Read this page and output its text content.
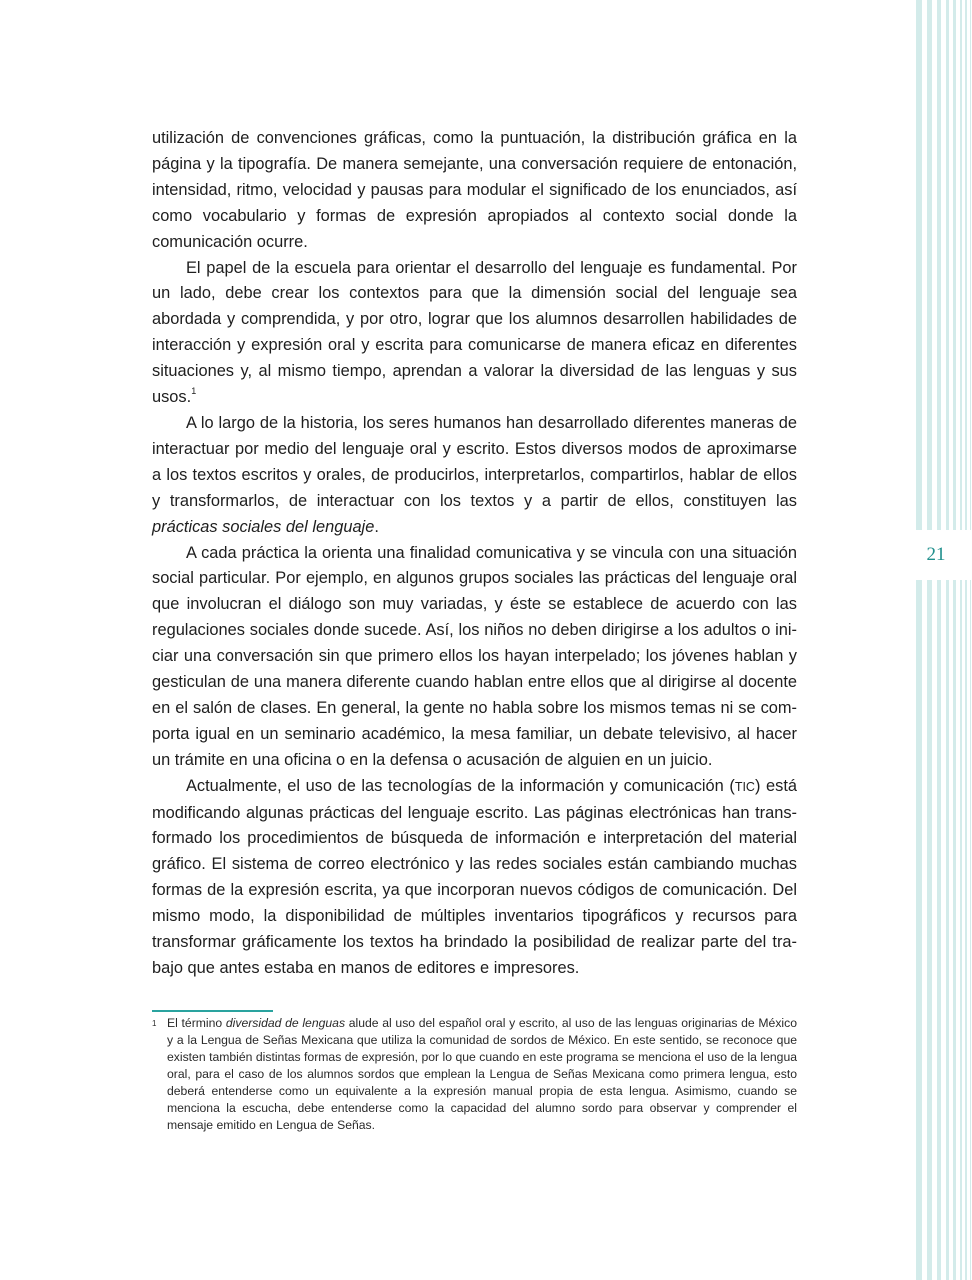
21

utilización de convenciones gráficas, como la puntuación, la distribución gráfica en la página y la tipografía. De manera semejante, una conversación requiere de entonación, intensidad, ritmo, velocidad y pausas para modular el significado de los enunciados, así como vocabulario y formas de expresión apropiados al contexto social donde la comunicación ocurre.

El papel de la escuela para orientar el desarrollo del lenguaje es fundamental. Por un lado, debe crear los contextos para que la dimensión social del lenguaje sea abordada y comprendida, y por otro, lograr que los alumnos desarrollen habilidades de interacción y expresión oral y escrita para comunicarse de manera eficaz en diferentes situaciones y, al mismo tiempo, aprendan a valorar la diversidad de las lenguas y sus usos.$^1$

A lo largo de la historia, los seres humanos han desarrollado diferentes maneras de interactuar por medio del lenguaje oral y escrito. Estos diversos modos de aproximarse a los textos escritos y orales, de producirlos, interpretarlos, compartirlos, hablar de ellos y transformarlos, de interactuar con los textos y a partir de ellos, constituyen las prácticas sociales del lenguaje.

A cada práctica la orienta una finalidad comunicativa y se vincula con una situación social particular. Por ejemplo, en algunos grupos sociales las prácticas del lenguaje oral que involucran el diálogo son muy variadas, y éste se establece de acuerdo con las regulaciones sociales donde sucede. Así, los niños no deben dirigirse a los adultos o iniciar una conversación sin que primero ellos los hayan interpelado; los jóvenes hablan y gesticulan de una manera diferente cuando hablan entre ellos que al dirigirse al docente en el salón de clases. En general, la gente no habla sobre los mismos temas ni se comporta igual en un seminario académico, la mesa familiar, un debate televisivo, al hacer un trámite en una oficina o en la defensa o acusación de alguien en un juicio.

Actualmente, el uso de las tecnologías de la información y comunicación (TIC) está modificando algunas prácticas del lenguaje escrito. Las páginas electrónicas han transformado los procedimientos de búsqueda de información e interpretación del material gráfico. El sistema de correo electrónico y las redes sociales están cambiando muchas formas de la expresión escrita, ya que incorporan nuevos códigos de comunicación. Del mismo modo, la disponibilidad de múltiples inventarios tipográficos y recursos para transformar gráficamente los textos ha brindado la posibilidad de realizar parte del trabajo que antes estaba en manos de editores e impresores.

1 El término diversidad de lenguas alude al uso del español oral y escrito, al uso de las lenguas originarias de México y a la Lengua de Señas Mexicana que utiliza la comunidad de sordos de México. En este sentido, se reconoce que existen también distintas formas de expresión, por lo que cuando en este programa se menciona el uso de la lengua oral, para el caso de los alumnos sordos que emplean la Lengua de Señas Mexicana como primera lengua, esto deberá entenderse como un equivalente a la expresión manual propia de esta lengua. Asimismo, cuando se menciona la escucha, debe entenderse como la capacidad del alumno sordo para observar y comprender el mensaje emitido en Lengua de Señas.
